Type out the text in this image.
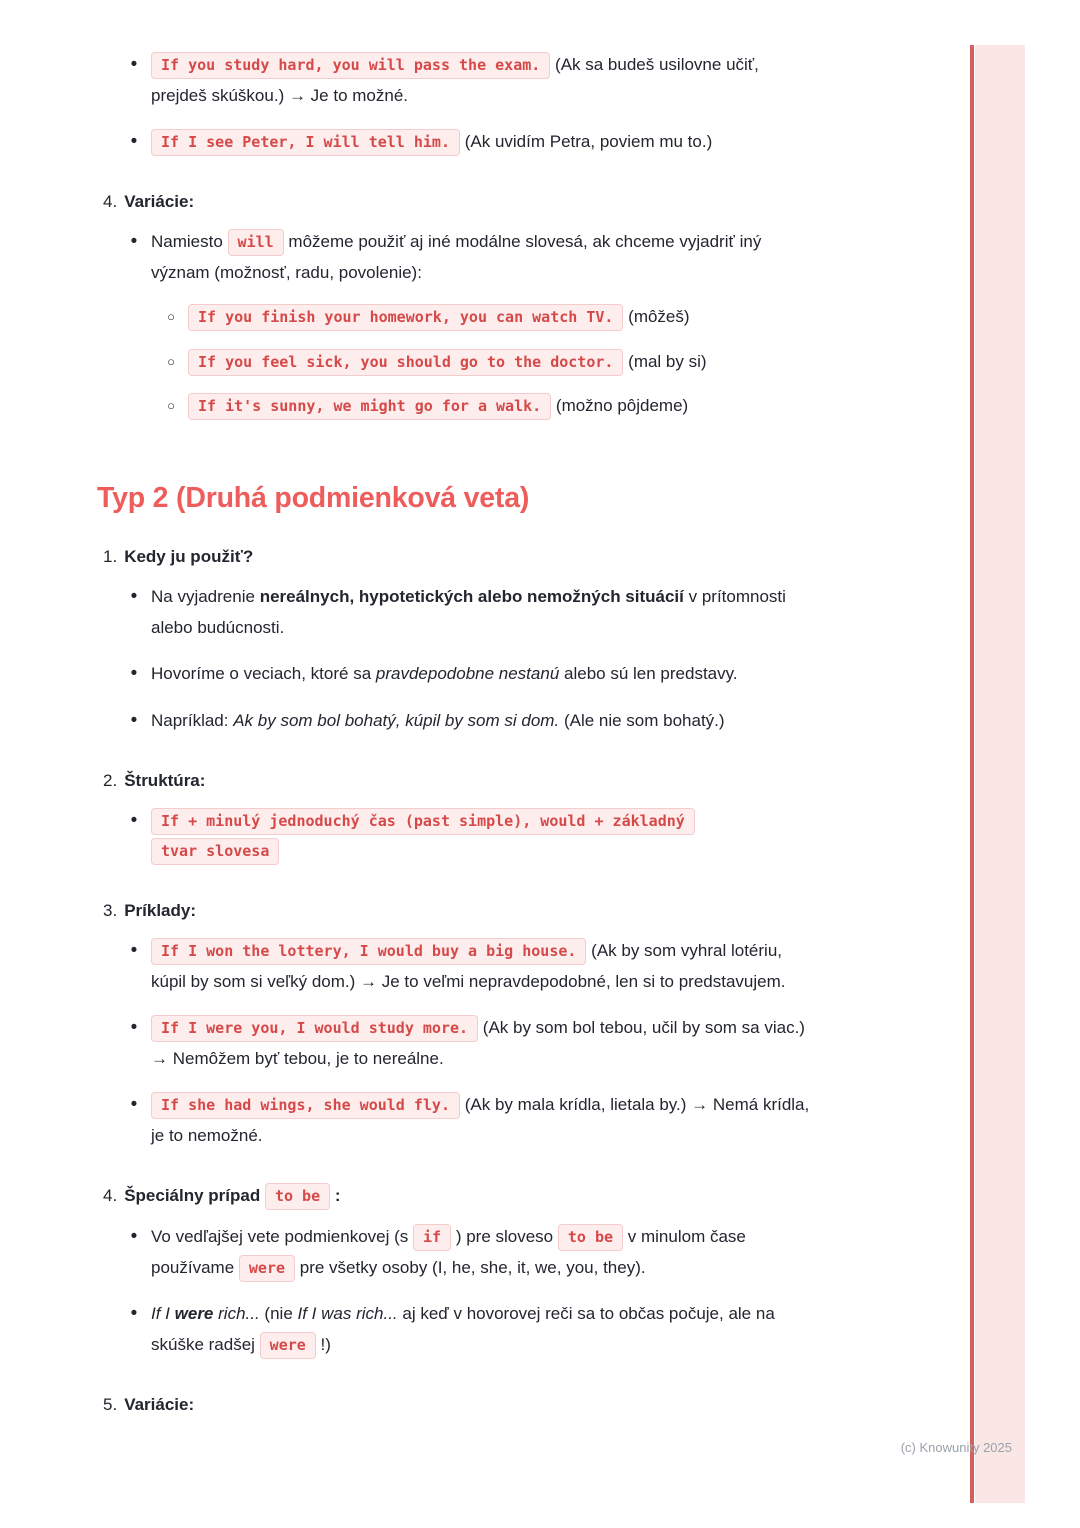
•	If you study hard, you will pass the exam. (Ak sa budeš usilovne učiť, prejdeš skúškou.) → Je to možné.
•	If I see Peter, I will tell him. (Ak uvidím Petra, poviem mu to.)
4. Variácie:
• Namiesto will môžeme použiť aj iné modálne slovesá, ak chceme vyjadriť iný význam (možnosť, radu, povolenie):
○	If you finish your homework, you can watch TV. (môžeš)
○	If you feel sick, you should go to the doctor. (mal by si)
○	If it's sunny, we might go for a walk. (možno pôjdeme)
Typ 2 (Druhá podmienková veta)
1. Kedy ju použiť?
• Na vyjadrenie nereálnych, hypotetických alebo nemožných situácií v prítomnosti alebo budúcnosti.
• Hovoríme o veciach, ktoré sa pravdepodobne nestanú alebo sú len predstavy.
• Napríklad: Ak by som bol bohatý, kúpil by som si dom. (Ale nie som bohatý.)
2. Štruktúra:
•	If + minulý jednoduchý čas (past simple), would + základný tvar slovesa
3. Príklady:
•	If I won the lottery, I would buy a big house. (Ak by som vyhral lotériu, kúpil by som si veľký dom.) → Je to veľmi nepravdepodobné, len si to predstavujem.
•	If I were you, I would study more. (Ak by som bol tebou, učil by som sa viac.) → Nemôžem byť tebou, je to nereálne.
•	If she had wings, she would fly. (Ak by mala krídla, lietala by.) → Nemá krídla, je to nemožné.
4. Špeciálny prípad to be :
• Vo vedľajšej vete podmienkovej (s if ) pre sloveso to be v minulom čase používame were pre všetky osoby (I, he, she, it, we, you, they).
• If I were rich... (nie If I was rich... aj keď v hovorovej reči sa to občas počuje, ale na skúške radšej were !)
5. Variácie:
(c) Knowunity 2025
